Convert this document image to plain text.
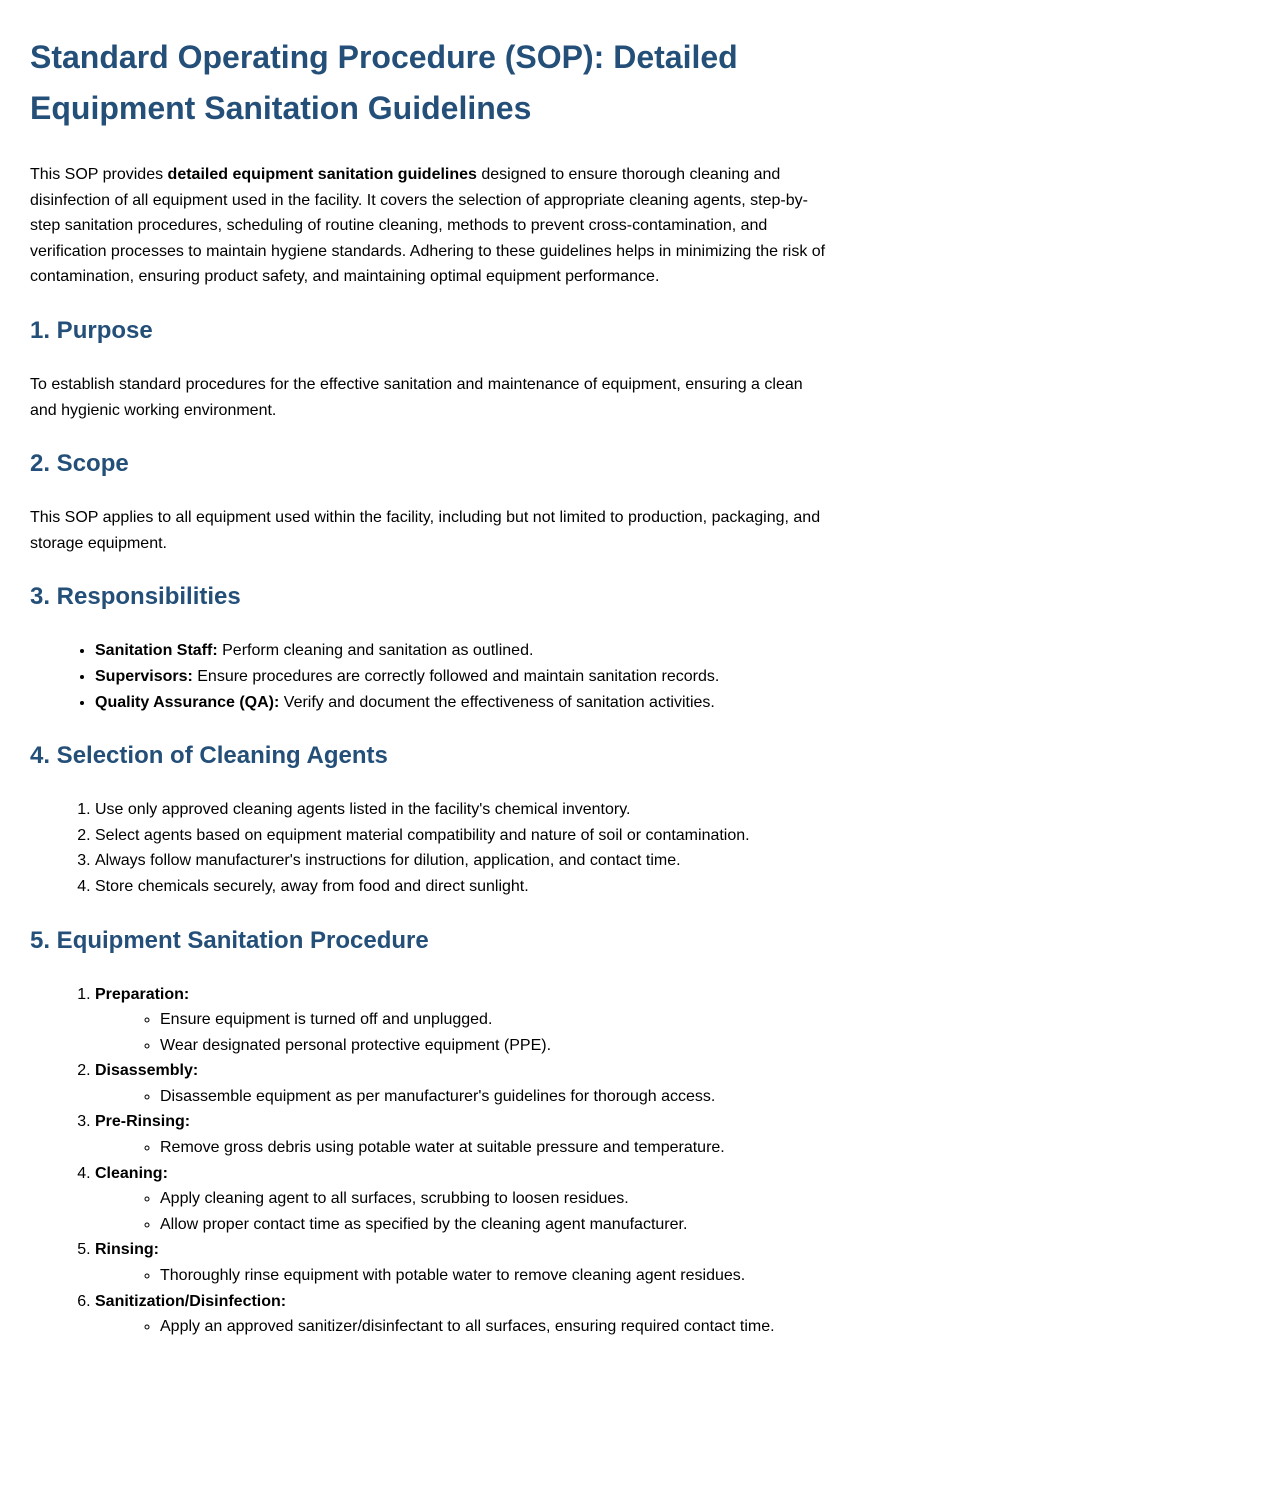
Standard Operating Procedure (SOP): Detailed Equipment Sanitation Guidelines

This SOP provides detailed equipment sanitation guidelines designed to ensure thorough cleaning and disinfection of all equipment used in the facility. It covers the selection of appropriate cleaning agents, step-by-step sanitation procedures, scheduling of routine cleaning, methods to prevent cross-contamination, and verification processes to maintain hygiene standards. Adhering to these guidelines helps in minimizing the risk of contamination, ensuring product safety, and maintaining optimal equipment performance.

1. Purpose

To establish standard procedures for the effective sanitation and maintenance of equipment, ensuring a clean and hygienic working environment.

2. Scope

This SOP applies to all equipment used within the facility, including but not limited to production, packaging, and storage equipment.

3. Responsibilities
• Sanitation Staff: Perform cleaning and sanitation as outlined.
• Supervisors: Ensure procedures are correctly followed and maintain sanitation records.
• Quality Assurance (QA): Verify and document the effectiveness of sanitation activities.
4. Selection of Cleaning Agents
1. Use only approved cleaning agents listed in the facility's chemical inventory.
2. Select agents based on equipment material compatibility and nature of soil or contamination.
3. Always follow manufacturer's instructions for dilution, application, and contact time.
4. Store chemicals securely, away from food and direct sunlight.
5. Equipment Sanitation Procedure
1. Preparation:
◦ Ensure equipment is turned off and unplugged.
◦ Wear designated personal protective equipment (PPE).
2. Disassembly:
◦ Disassemble equipment as per manufacturer's guidelines for thorough access.
3. Pre-Rinsing:
◦ Remove gross debris using potable water at suitable pressure and temperature.
4. Cleaning:
◦ Apply cleaning agent to all surfaces, scrubbing to loosen residues.
◦ Allow proper contact time as specified by the cleaning agent manufacturer.
5. Rinsing:
◦ Thoroughly rinse equipment with potable water to remove cleaning agent residues.
6. Sanitization/Disinfection:
◦ Apply an approved sanitizer/disinfectant to all surfaces, ensuring required contact time.
